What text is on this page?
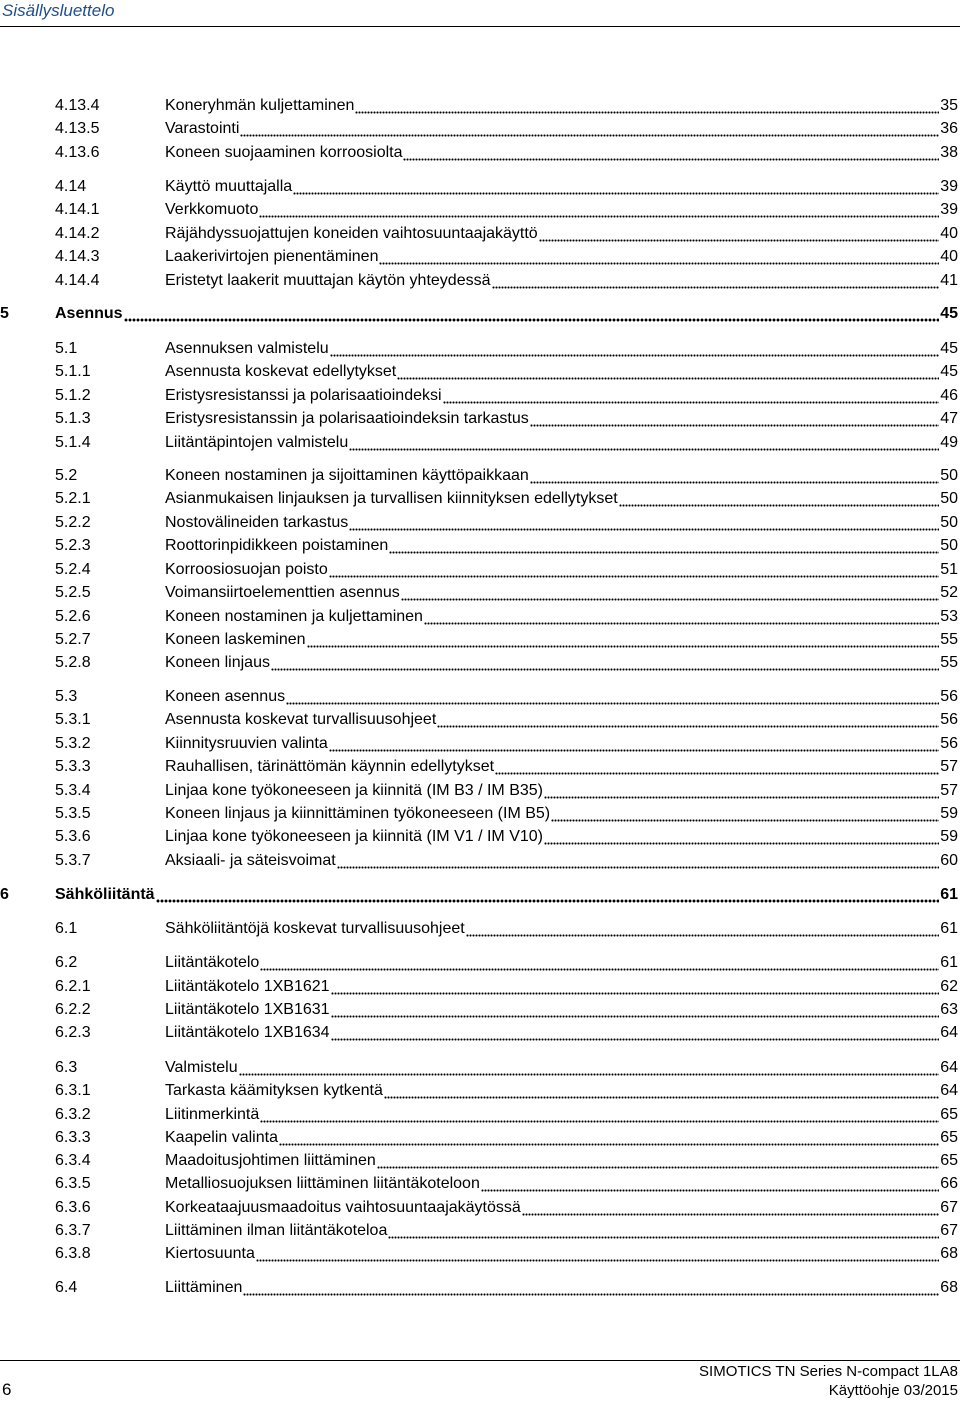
Sisällysluettelo
4.13.4	Koneryhmän kuljettaminen	35
4.13.5	Varastointi	36
4.13.6	Koneen suojaaminen korroosiolta	38
4.14	Käyttö muuttajalla	39
4.14.1	Verkkomuoto	39
4.14.2	Räjähdyssuojattujen koneiden vaihtosuuntaajakäyttö	40
4.14.3	Laakerivirtojen pienentäminen	40
4.14.4	Eristetyt laakerit muuttajan käytön yhteydessä	41
5	Asennus	45
5.1	Asennuksen valmistelu	45
5.1.1	Asennusta koskevat edellytykset	45
5.1.2	Eristysresistanssi ja polarisaatioindeksi	46
5.1.3	Eristysresistanssin ja polarisaatioindeksin tarkastus	47
5.1.4	Liitäntäpintojen valmistelu	49
5.2	Koneen nostaminen ja sijoittaminen käyttöpaikkaan	50
5.2.1	Asianmukaisen linjauksen ja turvallisen kiinnityksen edellytykset	50
5.2.2	Nostovälineiden tarkastus	50
5.2.3	Roottorinpidikkeen poistaminen	50
5.2.4	Korroosiosuojan poisto	51
5.2.5	Voimansiirtoelementtien asennus	52
5.2.6	Koneen nostaminen ja kuljettaminen	53
5.2.7	Koneen laskeminen	55
5.2.8	Koneen linjaus	55
5.3	Koneen asennus	56
5.3.1	Asennusta koskevat turvallisuusohjeet	56
5.3.2	Kiinnitysruuvien valinta	56
5.3.3	Rauhallisen, tärinättömän käynnin edellytykset	57
5.3.4	Linjaa kone työkoneeseen ja kiinnitä (IM B3 / IM B35)	57
5.3.5	Koneen linjaus ja kiinnittäminen työkoneeseen (IM B5)	59
5.3.6	Linjaa kone työkoneeseen ja kiinnitä (IM V1 / IM V10)	59
5.3.7	Aksiaali- ja säteisvoimat	60
6	Sähköliitäntä	61
6.1	Sähköliitäntöjä koskevat turvallisuusohjeet	61
6.2	Liitäntäkotelo	61
6.2.1	Liitäntäkotelo 1XB1621	62
6.2.2	Liitäntäkotelo 1XB1631	63
6.2.3	Liitäntäkotelo 1XB1634	64
6.3	Valmistelu	64
6.3.1	Tarkasta käämityksen kytkentä	64
6.3.2	Liitinmerkintä	65
6.3.3	Kaapelin valinta	65
6.3.4	Maadoitusjohtimen liittäminen	65
6.3.5	Metalliosuojuksen liittäminen liitäntäkoteloon	66
6.3.6	Korkeataajuusmaadoitus vaihtosuuntaajakäytössä	67
6.3.7	Liittäminen ilman liitäntäkoteloa	67
6.3.8	Kiertosuunta	68
6.4	Liittäminen	68
6
SIMOTICS TN Series N-compact 1LA8
Käyttöohje 03/2015
